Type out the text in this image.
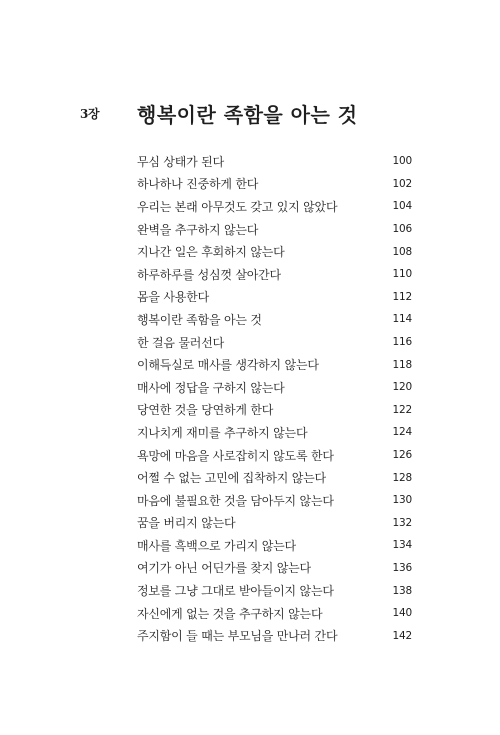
3장 행복이란 족함을 아는 것
무심 상태가 된다	100
하나하나 진중하게 한다	102
우리는 본래 아무것도 갖고 있지 않았다	104
완벽을 추구하지 않는다	106
지나간 일은 후회하지 않는다	108
하루하루를 성심껏 살아간다	110
몸을 사용한다	112
행복이란 족함을 아는 것	114
한 걸음 물러선다	116
이해득실로 매사를 생각하지 않는다	118
매사에 정답을 구하지 않는다	120
당연한 것을 당연하게 한다	122
지나치게 재미를 추구하지 않는다	124
욕망에 마음을 사로잡히지 않도록 한다	126
어쩔 수 없는 고민에 집착하지 않는다	128
마음에 불필요한 것을 담아두지 않는다	130
꿈을 버리지 않는다	132
매사를 흑백으로 가리지 않는다	134
여기가 아닌 어딘가를 찾지 않는다	136
정보를 그냥 그대로 받아들이지 않는다	138
자신에게 없는 것을 추구하지 않는다	140
주지함이 들 때는 부모님을 만나러 간다	142
